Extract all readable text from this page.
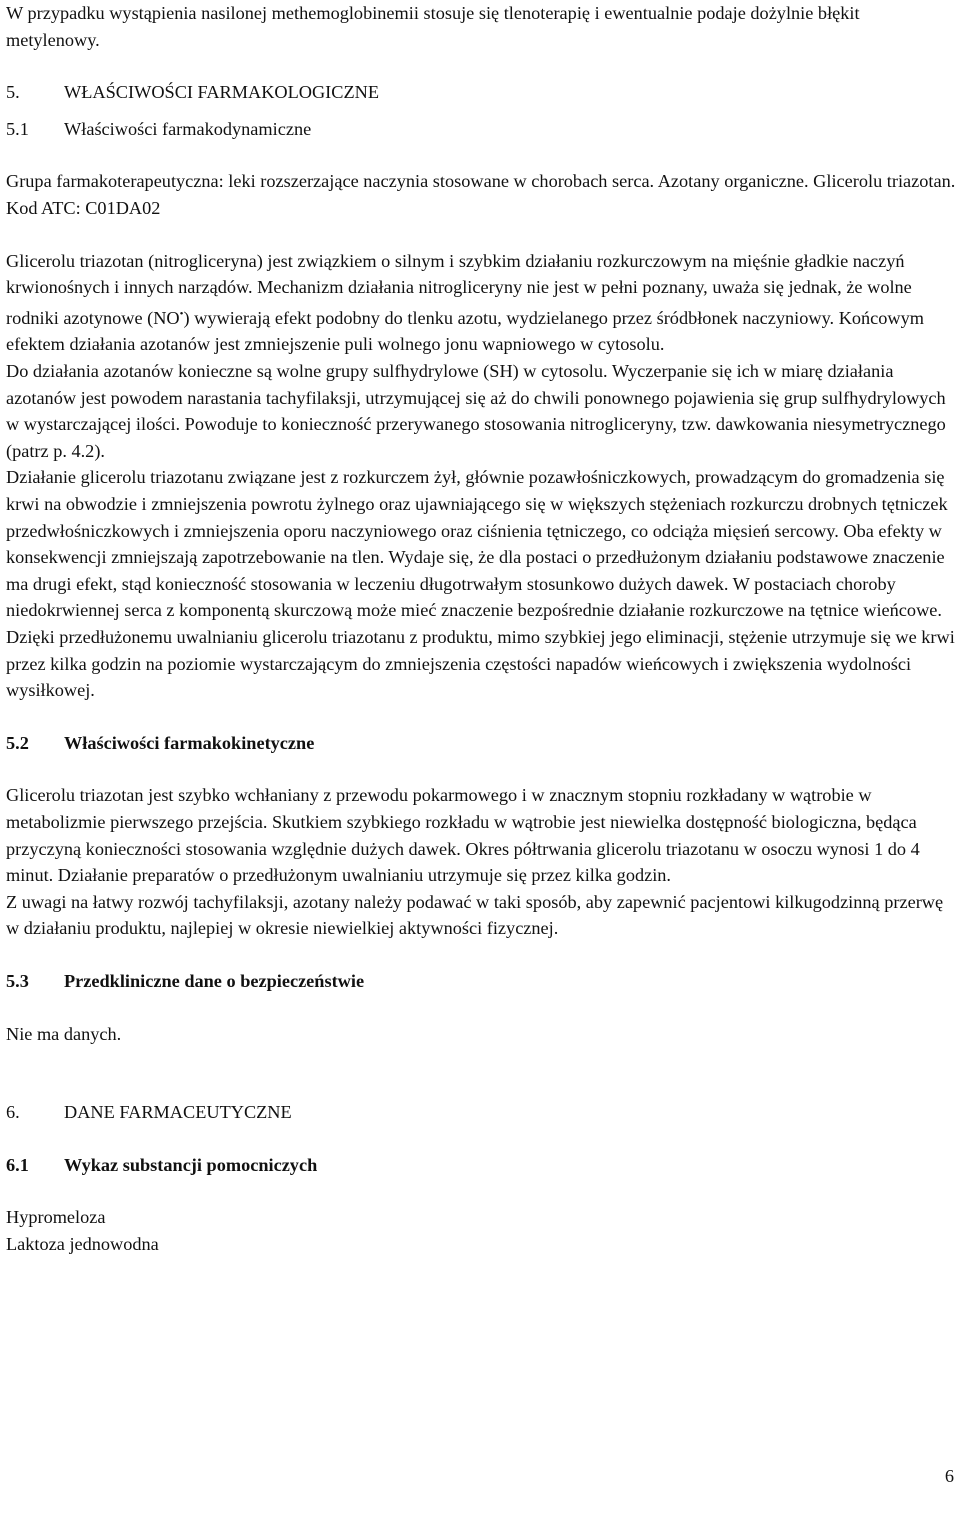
W przypadku wystąpienia nasilonej methemoglobinemii stosuje się tlenoterapię i ewentualnie podaje dożylnie błękit metylenowy.

5.	WŁAŚCIWOŚCI FARMAKOLOGICZNE
5.1	Właściwości farmakodynamiczne

Grupa farmakoterapeutyczna: leki rozszerzające naczynia stosowane w chorobach serca. Azotany organiczne. Glicerolu triazotan.

Kod ATC: C01DA02

Glicerolu triazotan (nitrogliceryna) jest związkiem o silnym i szybkim działaniu rozkurczowym na mięśnie gładkie naczyń krwionośnych i innych narządów. Mechanizm działania nitrogliceryny nie jest w pełni poznany, uważa się jednak, że wolne rodniki azotynowe (NO•) wywierają efekt podobny do tlenku azotu, wydzielanego przez śródbłonek naczyniowy. Końcowym efektem działania azotanów jest zmniejszenie puli wolnego jonu wapniowego w cytosolu.

Do działania azotanów konieczne są wolne grupy sulfhydrylowe (SH) w cytosolu. Wyczerpanie się ich w miarę działania azotanów jest powodem narastania tachyfilaksji, utrzymującej się aż do chwili ponownego pojawienia się grup sulfhydrylowych w wystarczającej ilości. Powoduje to konieczność przerywanego stosowania nitrogliceryny, tzw. dawkowania niesymetrycznego (patrz p. 4.2).

Działanie glicerolu triazotanu związane jest z rozkurczem żył, głównie pozawłośniczkowych, prowadzącym do gromadzenia się krwi na obwodzie i zmniejszenia powrotu żylnego oraz ujawniającego się w większych stężeniach rozkurczu drobnych tętniczek przedwłośniczkowych i zmniejszenia oporu naczyniowego oraz ciśnienia tętniczego, co odciąża mięsień sercowy. Oba efekty w konsekwencji zmniejszają zapotrzebowanie na tlen. Wydaje się, że dla postaci o przedłużonym działaniu podstawowe znaczenie ma drugi efekt, stąd konieczność stosowania w leczeniu długotrwałym stosunkowo dużych dawek. W postaciach choroby niedokrwiennej serca z komponentą skurczową może mieć znaczenie bezpośrednie działanie rozkurczowe na tętnice wieńcowe.

Dzięki przedłużonemu uwalnianiu glicerolu triazotanu z produktu, mimo szybkiej jego eliminacji, stężenie utrzymuje się we krwi przez kilka godzin na poziomie wystarczającym do zmniejszenia częstości napadów wieńcowych i zwiększenia wydolności wysiłkowej.

5.2	Właściwości farmakokinetyczne

Glicerolu triazotan jest szybko wchłaniany z przewodu pokarmowego i w znacznym stopniu rozkładany w wątrobie w metabolizmie pierwszego przejścia. Skutkiem szybkiego rozkładu w wątrobie jest niewielka dostępność biologiczna, będąca przyczyną konieczności stosowania względnie dużych dawek. Okres półtrwania glicerolu triazotanu w osoczu wynosi 1 do 4 minut. Działanie preparatów o przedłużonym uwalnianiu utrzymuje się przez kilka godzin.

Z uwagi na łatwy rozwój tachyfilaksji, azotany należy podawać w taki sposób, aby zapewnić pacjentowi kilkugodzinną przerwę w działaniu produktu, najlepiej w okresie niewielkiej aktywności fizycznej.

5.3	Przedkliniczne dane o bezpieczeństwie

Nie ma danych.

6.	DANE FARMACEUTYCZNE
6.1	Wykaz substancji pomocniczych

Hypromeloza

Laktoza jednowodna

6
